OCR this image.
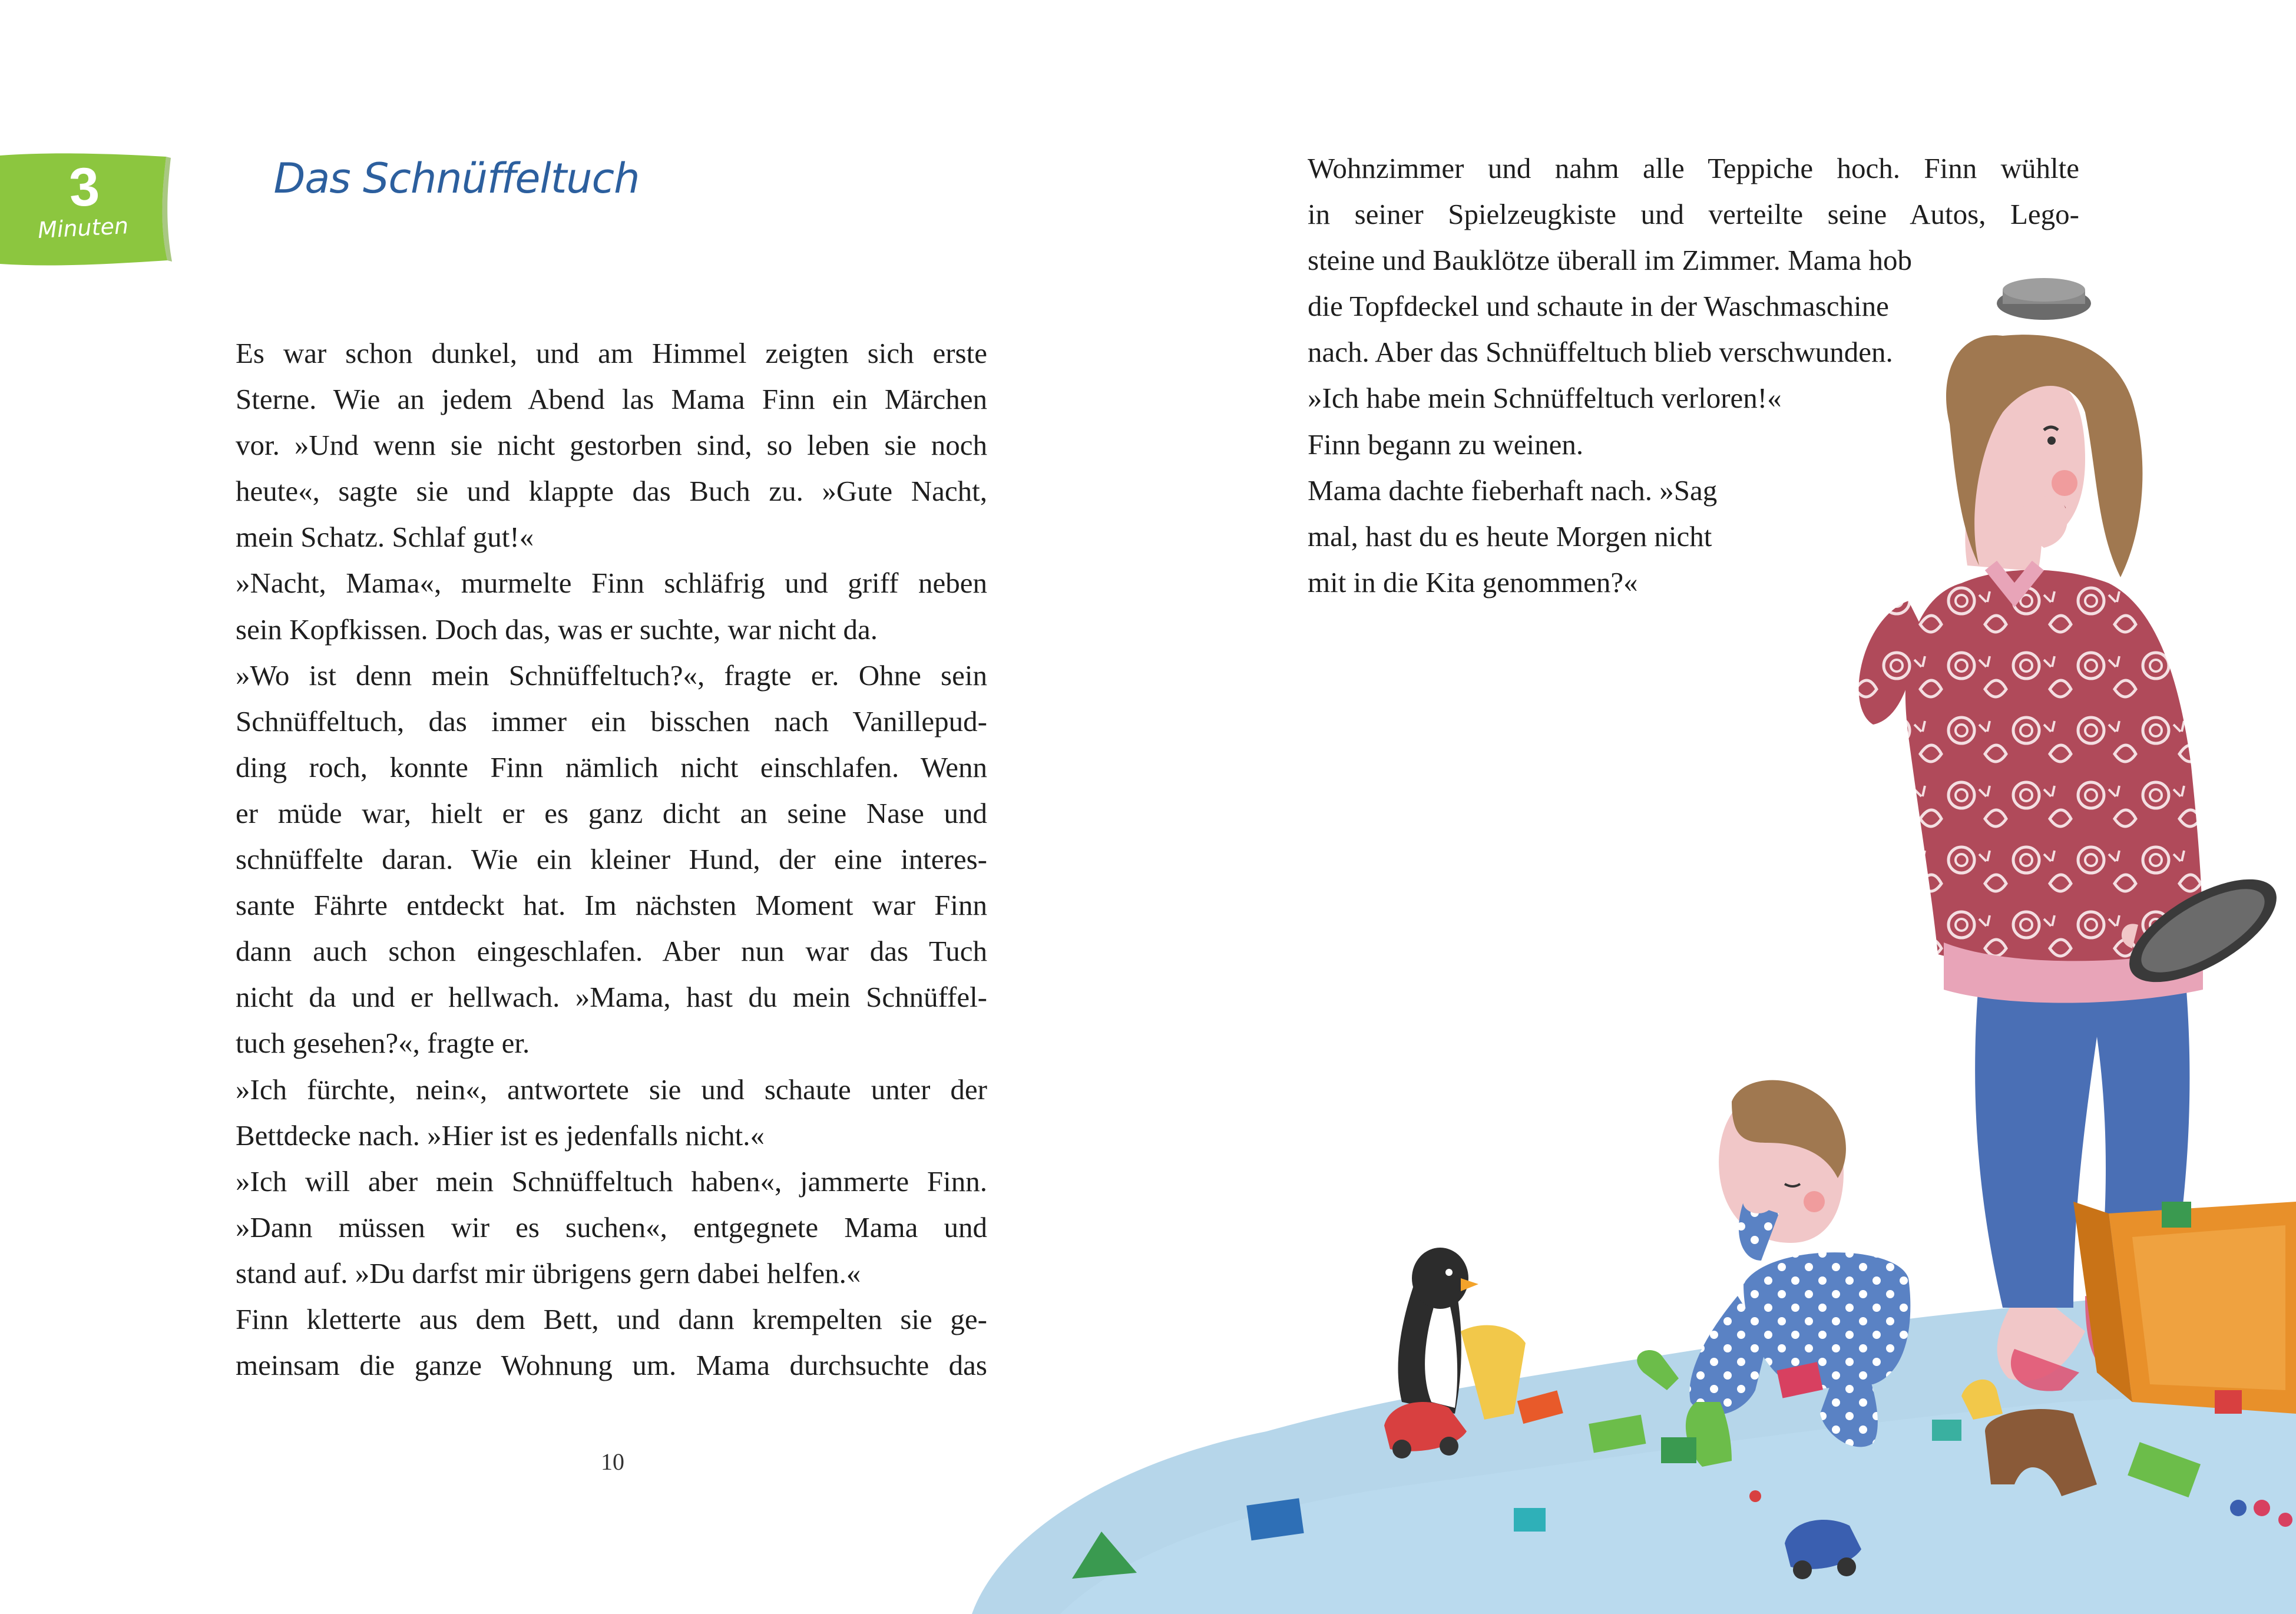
3
Minuten
Das Schnüffeltuch
Es war schon dunkel, und am Himmel zeigten sich erste
Sterne. Wie an jedem Abend las Mama Finn ein Märchen
vor. »Und wenn sie nicht gestorben sind, so leben sie noch
heute«, sagte sie und klappte das Buch zu. »Gute Nacht,
mein Schatz. Schlaf gut!«
»Nacht, Mama«, murmelte Finn schläfrig und griff neben
sein Kopfkissen. Doch das, was er suchte, war nicht da.
»Wo ist denn mein Schnüffeltuch?«, fragte er. Ohne sein
Schnüffeltuch, das immer ein bisschen nach Vanillepud-
ding roch, konnte Finn nämlich nicht einschlafen. Wenn
er müde war, hielt er es ganz dicht an seine Nase und
schnüffelte daran. Wie ein kleiner Hund, der eine interes-
sante Fährte entdeckt hat. Im nächsten Moment war Finn
dann auch schon eingeschlafen. Aber nun war das Tuch
nicht da und er hellwach. »Mama, hast du mein Schnüffel-
tuch gesehen?«, fragte er.
»Ich fürchte, nein«, antwortete sie und schaute unter der
Bettdecke nach. »Hier ist es jedenfalls nicht.«
»Ich will aber mein Schnüffeltuch haben«, jammerte Finn.
»Dann müssen wir es suchen«, entgegnete Mama und
stand auf. »Du darfst mir übrigens gern dabei helfen.«
Finn kletterte aus dem Bett, und dann krempelten sie ge-
meinsam die ganze Wohnung um. Mama durchsuchte das
10
Wohnzimmer und nahm alle Teppiche hoch. Finn wühlte
in seiner Spielzeugkiste und verteilte seine Autos, Lego-
steine und Bauklötze überall im Zimmer. Mama hob
die Topfdeckel und schaute in der Waschmaschine
nach. Aber das Schnüffeltuch blieb verschwunden.
»Ich habe mein Schnüffeltuch verloren!«
Finn begann zu weinen.
Mama dachte fieberhaft nach. »Sag
mal, hast du es heute Morgen nicht
mit in die Kita genommen?«
